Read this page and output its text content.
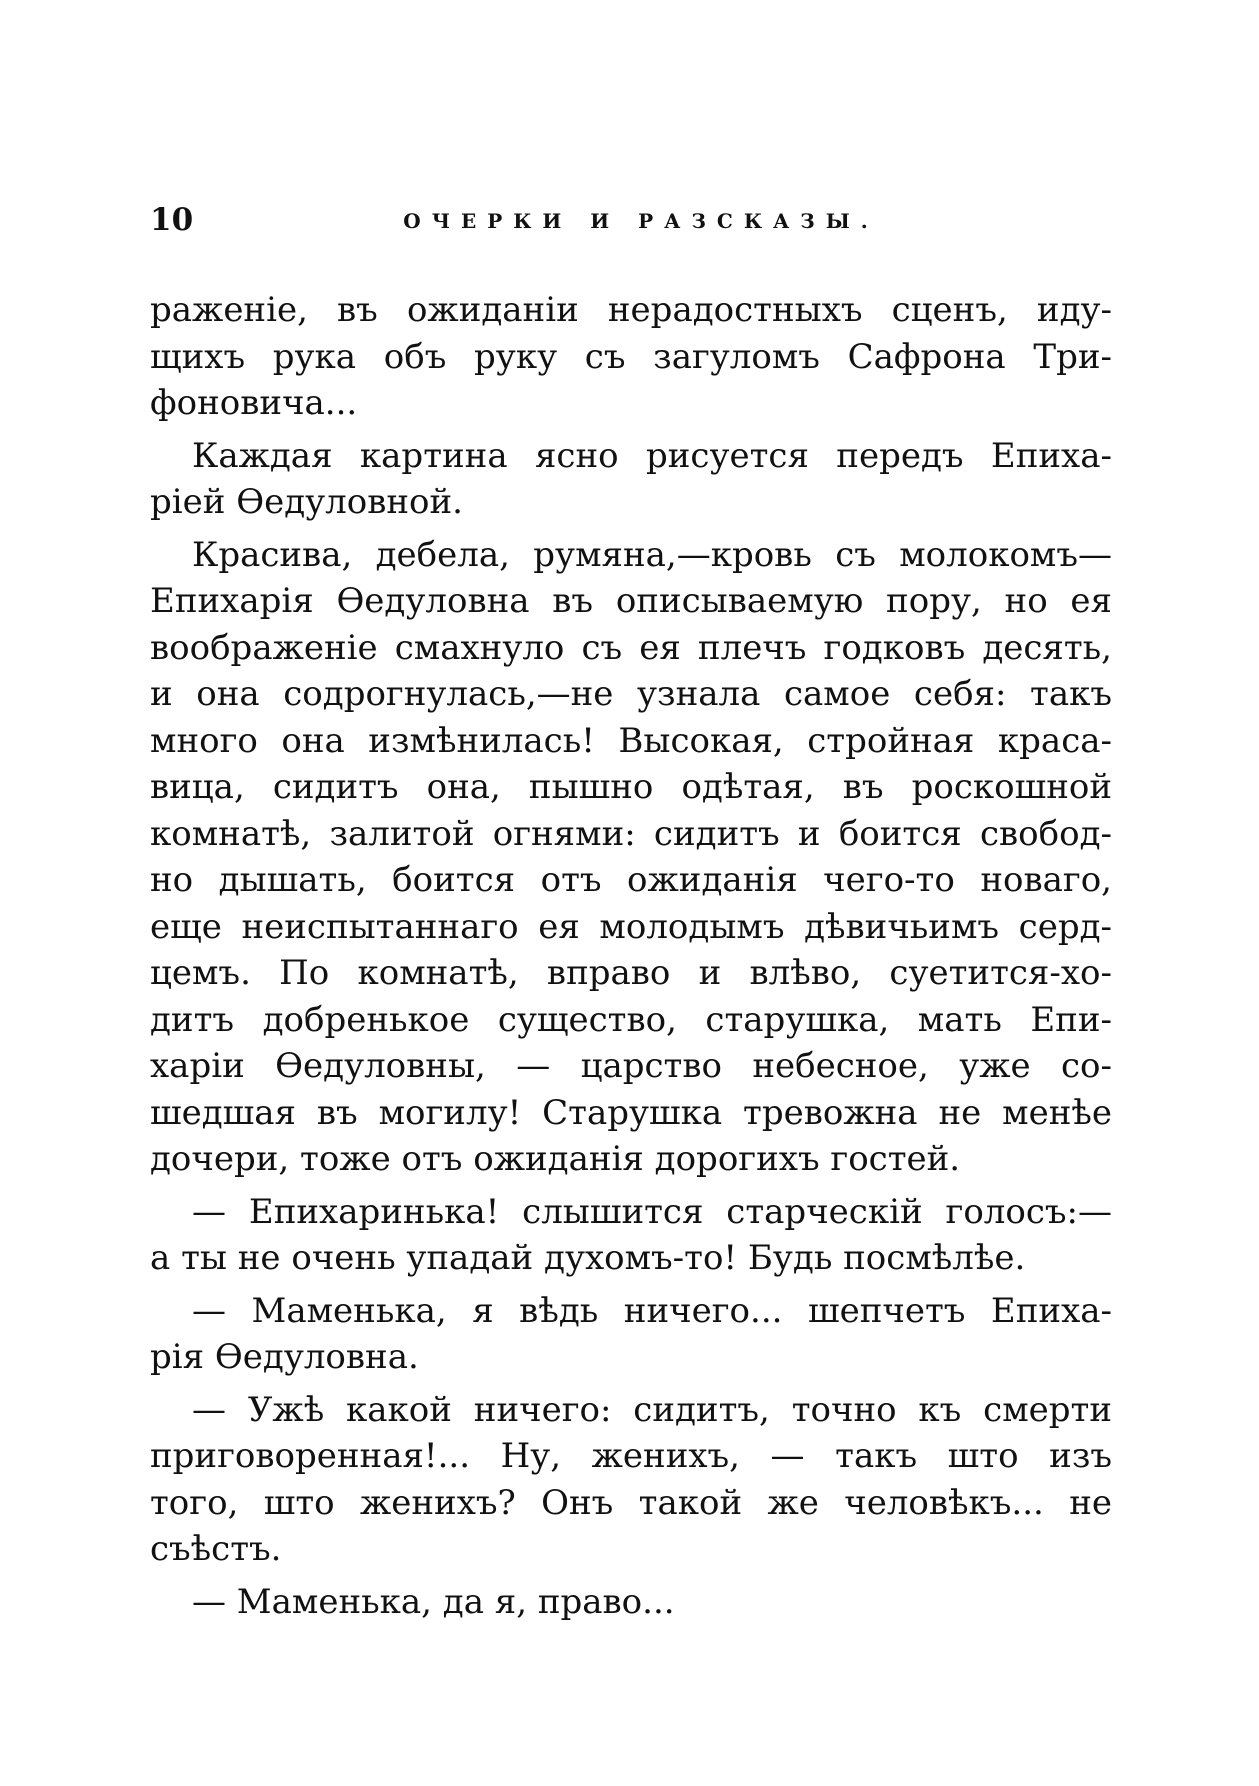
10	ОЧЕРКИ И РАЗСКАЗЫ.
раженіе, въ ожиданіи нерадостныхъ сценъ, иду-
щихъ рука объ руку съ загуломъ Сафрона Три-
фоновича...
Каждая картина ясно рисуется передъ Епиха-
ріей Өедуловной.
Красива, дебела, румяна,—кровь съ молокомъ—
Епихарія Өедуловна въ описываемую пору, но ея
воображеніе смахнуло съ ея плечъ годковъ десять,
и она содрогнулась,—не узнала самое себя: такъ
много она измѣнилась! Высокая, стройная краса-
вица, сидитъ она, пышно одѣтая, въ роскошной
комнатѣ, залитой огнями: сидитъ и боится свобод-
но дышать, боится отъ ожиданія чего-то новаго,
еще неиспытаннаго ея молодымъ дѣвичьимъ серд-
цемъ. По комнатѣ, вправо и влѣво, суетится-хо-
дитъ добренькое существо, старушка, мать Епи-
харіи Өедуловны, — царство небесное, уже со-
шедшая въ могилу! Старушка тревожна не менѣе
дочери, тоже отъ ожиданія дорогихъ гостей.
— Епихаринька! слышится старческій голосъ:—
а ты не очень упадай духомъ-то! Будь посмѣлѣе.
— Маменька, я вѣдь ничего... шепчетъ Епиха-
рія Өедуловна.
— Ужѣ какой ничего: сидитъ, точно къ смерти
приговоренная!... Ну, женихъ, — такъ што изъ
того, што женихъ? Онъ такой же человѣкъ... не
съѣстъ.
— Маменька, да я, право...
